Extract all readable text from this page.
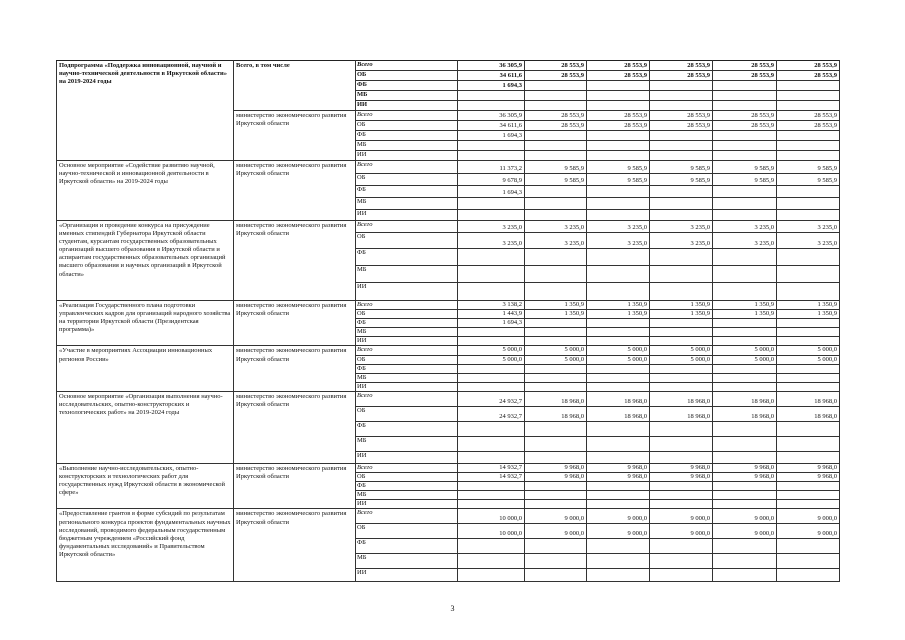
Подпрограмма «Поддержка инновационной, научной и научно-технической деятельности в Иркутской области» на 2019-2024 годы	Всего, в том числе	Всего	36 305,9	28 553,9	28 553,9	28 553,9	28 553,9	28 553,9
		ОБ	34 611,6	28 553,9	28 553,9	28 553,9	28 553,9	28 553,9
		ФБ	1 694,3					
		МБ						
		ИИ						
	министерство экономического развития Иркутской области	Всего	36 305,9	28 553,9	28 553,9	28 553,9	28 553,9	28 553,9
		ОБ	34 611,6	28 553,9	28 553,9	28 553,9	28 553,9	28 553,9
		ФБ	1 694,3					
		МБ						
		ИИ						
Основное мероприятие «Содействие развитию научной, научно-технической и инновационной деятельности в Иркутской области» на 2019-2024 годы	министерство экономического развития Иркутской области	Всего	11 373,2	9 585,9	9 585,9	9 585,9	9 585,9	9 585,9
		ОБ	9 678,9	9 585,9	9 585,9	9 585,9	9 585,9	9 585,9
		ФБ	1 694,3					
		МБ						
		ИИ						
«Организация и проведение конкурса на присуждение именных стипендий Губернатора Иркутской области студентам, курсантам государственных образовательных организаций высшего образования в Иркутской области и аспирантам государственных образовательных организаций высшего образования и научных организаций в Иркутской области»	министерство экономического развития Иркутской области	Всего	3 235,0	3 235,0	3 235,0	3 235,0	3 235,0	3 235,0
		ОБ	3 235,0	3 235,0	3 235,0	3 235,0	3 235,0	3 235,0
		ФБ						
		МБ						
		ИИ						
«Реализация Государственного плана подготовки управленческих кадров для организаций народного хозяйства на территории Иркутской области (Президентская программа)»	министерство экономического развития Иркутской области	Всего	3 138,2	1 350,9	1 350,9	1 350,9	1 350,9	1 350,9
		ОБ	1 443,9	1 350,9	1 350,9	1 350,9	1 350,9	1 350,9
		ФБ	1 694,3					
		МБ						
		ИИ						
«Участие в мероприятиях Ассоциации инновационных регионов России»	министерство экономического развития Иркутской области	Всего	5 000,0	5 000,0	5 000,0	5 000,0	5 000,0	5 000,0
		ОБ	5 000,0	5 000,0	5 000,0	5 000,0	5 000,0	5 000,0
		ФБ						
		МБ						
		ИИ						
Основное мероприятие «Организация выполнения научно-исследовательских, опытно-конструкторских и технологических работ» на 2019-2024 годы	министерство экономического развития Иркутской области	Всего	24 932,7	18 968,0	18 968,0	18 968,0	18 968,0	18 968,0
		ОБ	24 932,7	18 968,0	18 968,0	18 968,0	18 968,0	18 968,0
		ФБ						
		МБ						
		ИИ						
«Выполнение научно-исследовательских, опытно-конструкторских и технологических работ для государственных нужд Иркутской области в экономической сфере»	министерство экономического развития Иркутской области	Всего	14 932,7	9 968,0	9 968,0	9 968,0	9 968,0	9 968,0
		ОБ	14 932,7	9 968,0	9 968,0	9 968,0	9 968,0	9 968,0
		ФБ						
		МБ						
		ИИ						
«Предоставление грантов в форме субсидий по результатам регионального конкурса проектов фундаментальных научных исследований, проводимого федеральным государственным бюджетным учреждением «Российский фонд фундаментальных исследований» и Правительством Иркутской области»	министерство экономического развития Иркутской области	Всего	10 000,0	9 000,0	9 000,0	9 000,0	9 000,0	9 000,0
		ОБ	10 000,0	9 000,0	9 000,0	9 000,0	9 000,0	9 000,0
		ФБ						
		МБ						
		ИИ						
3
